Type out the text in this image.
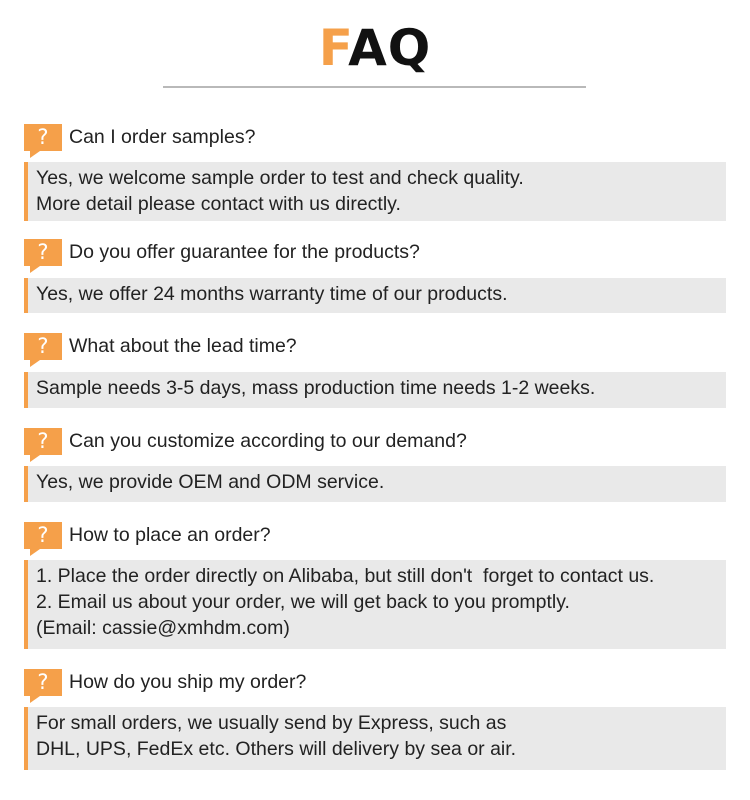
FAQ
?	Can I order samples?
Yes, we welcome sample order to test and check quality.
More detail please contact with us directly.
?	Do you offer guarantee for the products?
Yes, we offer 24 months warranty time of our products.
?	What about the lead time?
Sample needs 3-5 days, mass production time needs 1-2 weeks.
?	Can you customize according to our demand?
Yes, we provide OEM and ODM service.
?	How to place an order?
1. Place the order directly on Alibaba, but still don't  forget to contact us.
2. Email us about your order, we will get back to you promptly.
(Email: cassie@xmhdm.com)
?	How do you ship my order?
For small orders, we usually send by Express, such as
DHL, UPS, FedEx etc. Others will delivery by sea or air.
